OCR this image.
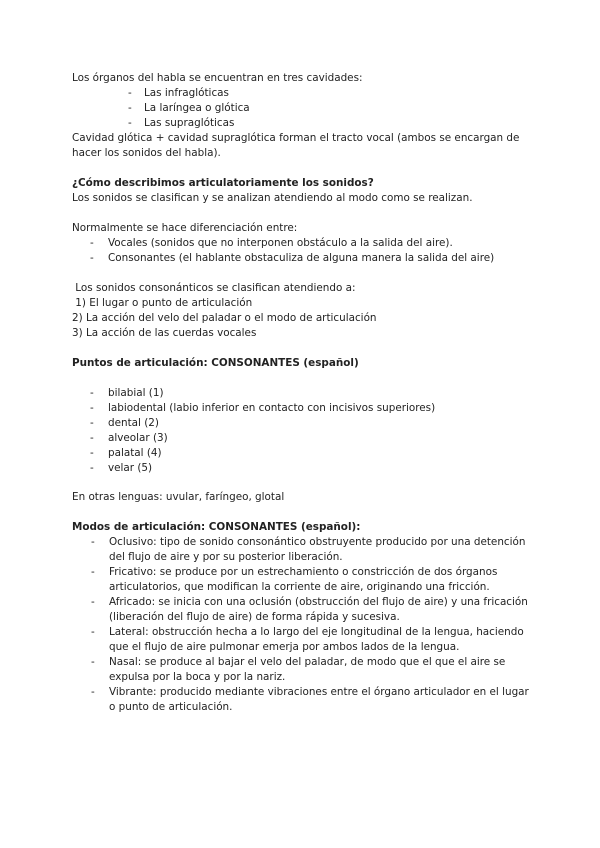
Los órganos del habla se encuentran en tres cavidades:

- Las infraglóticas
- La laríngea o glótica
- Las supraglóticas

Cavidad glótica + cavidad supraglótica forman el tracto vocal (ambos se encargan de hacer los sonidos del habla).

¿Cómo describimos articulatoriamente los sonidos?

Los sonidos se clasifican y se analizan atendiendo al modo como se realizan.

Normalmente se hace diferenciación entre:

- Vocales (sonidos que no interponen obstáculo a la salida del aire).
- Consonantes (el hablante obstaculiza de alguna manera la salida del aire)

Los sonidos consonánticos se clasifican atendiendo a:

1) El lugar o punto de articulación

2) La acción del velo del paladar o el modo de articulación

3) La acción de las cuerdas vocales

Puntos de articulación: CONSONANTES (español)

- bilabial (1)
- labiodental (labio inferior en contacto con incisivos superiores)
- dental (2)
- alveolar (3)
- palatal (4)
- velar (5)

En otras lenguas: uvular, faríngeo, glotal

Modos de articulación: CONSONANTES (español):

- Oclusivo: tipo de sonido consonántico obstruyente producido por una detención
del flujo de aire y por su posterior liberación.
- Fricativo: se produce por un estrechamiento o constricción de dos órganos
articulatorios, que modifican la corriente de aire, originando una fricción.
- Africado: se inicia con una oclusión (obstrucción del flujo de aire) y una fricación
(liberación del flujo de aire) de forma rápida y sucesiva.
- Lateral: obstrucción hecha a lo largo del eje longitudinal de la lengua, haciendo
que el flujo de aire pulmonar emerja por ambos lados de la lengua.
- Nasal: se produce al bajar el velo del paladar, de modo que el que el aire se
expulsa por la boca y por la nariz.
- Vibrante: producido mediante vibraciones entre el órgano articulador en el lugar
o punto de articulación.
